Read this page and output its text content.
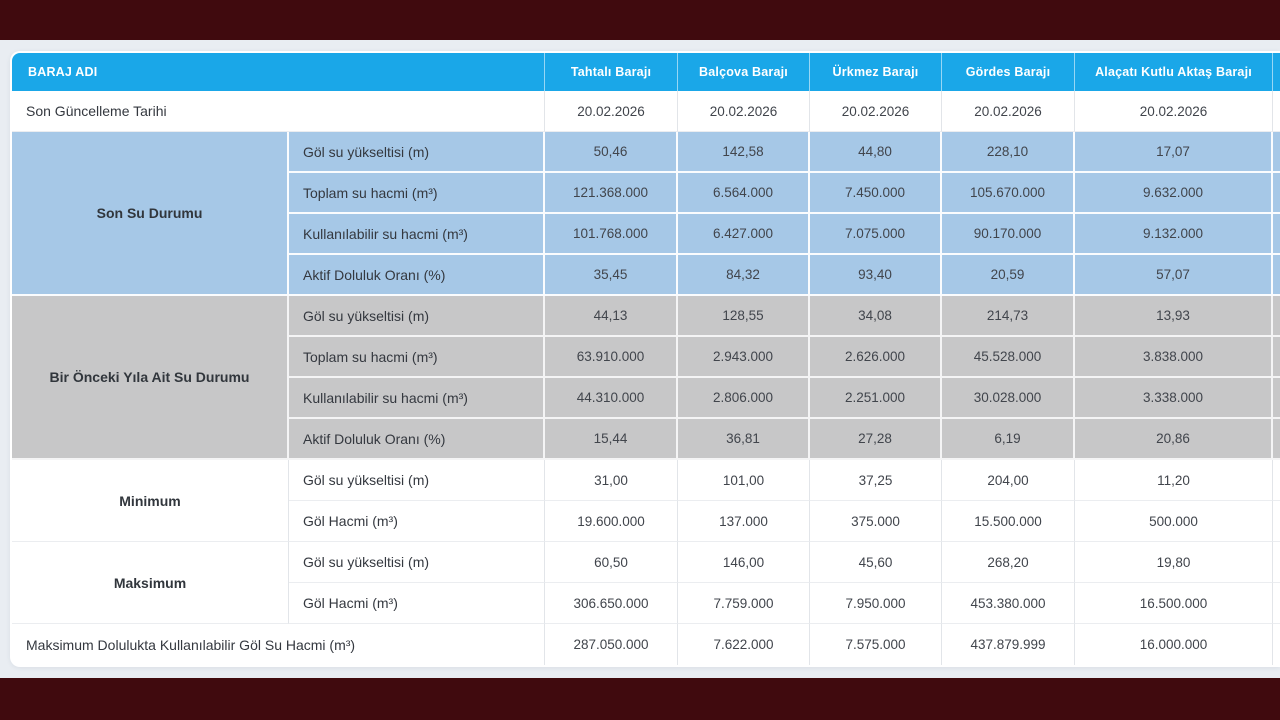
BARAJ ADI		Tahtalı Barajı	Balçova Barajı	Ürkmez Barajı	Gördes Barajı	Alaçatı Kutlu Aktaş Barajı	
Son Güncelleme Tarihi		20.02.2026	20.02.2026	20.02.2026	20.02.2026	20.02.2026	
Son Su Durumu	Göl su yükseltisi (m)	50,46	142,58	44,80	228,10	17,07	
	Toplam su hacmi (m³)	121.368.000	6.564.000	7.450.000	105.670.000	9.632.000	
	Kullanılabilir su hacmi (m³)	101.768.000	6.427.000	7.075.000	90.170.000	9.132.000	
	Aktif Doluluk Oranı (%)	35,45	84,32	93,40	20,59	57,07	
Bir Önceki Yıla Ait Su Durumu	Göl su yükseltisi (m)	44,13	128,55	34,08	214,73	13,93	
	Toplam su hacmi (m³)	63.910.000	2.943.000	2.626.000	45.528.000	3.838.000	
	Kullanılabilir su hacmi (m³)	44.310.000	2.806.000	2.251.000	30.028.000	3.338.000	
	Aktif Doluluk Oranı (%)	15,44	36,81	27,28	6,19	20,86	
Minimum	Göl su yükseltisi (m)	31,00	101,00	37,25	204,00	11,20	
	Göl Hacmi (m³)	19.600.000	137.000	375.000	15.500.000	500.000	
Maksimum	Göl su yükseltisi (m)	60,50	146,00	45,60	268,20	19,80	
	Göl Hacmi (m³)	306.650.000	7.759.000	7.950.000	453.380.000	16.500.000	
Maksimum Dolulukta Kullanılabilir Göl Su Hacmi (m³)		287.050.000	7.622.000	7.575.000	437.879.999	16.000.000	
